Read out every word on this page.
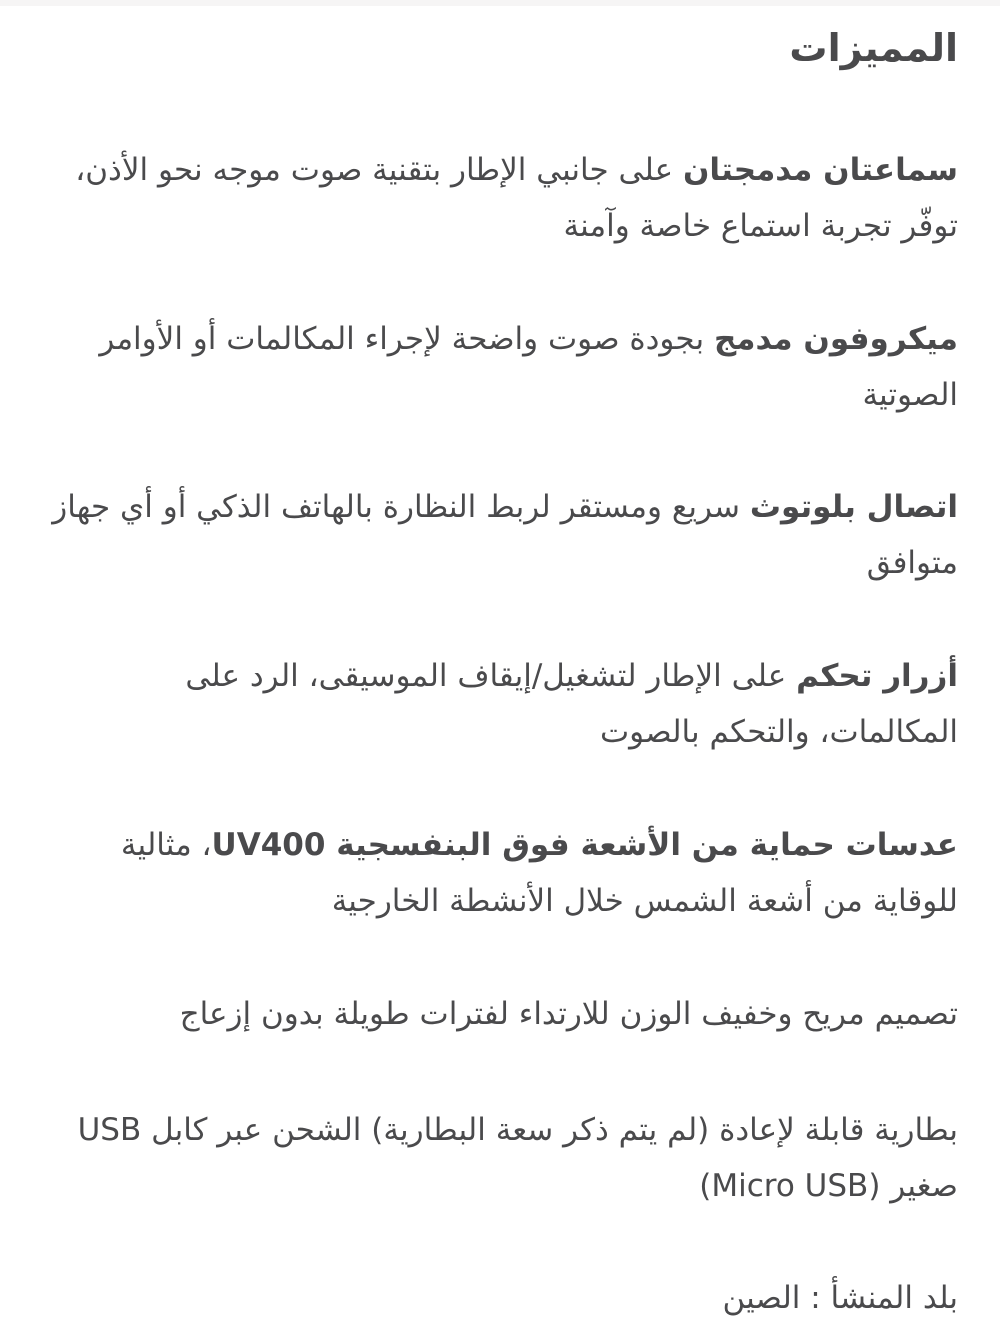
المميزات
سماعتان مدمجتان على جانبي الإطار بتقنية صوت موجه نحو الأذن، توفّر تجربة استماع خاصة وآمنة
ميكروفون مدمج بجودة صوت واضحة لإجراء المكالمات أو الأوامر الصوتية
اتصال بلوتوث سريع ومستقر لربط النظارة بالهاتف الذكي أو أي جهاز متوافق
أزرار تحكم على الإطار لتشغيل/إيقاف الموسيقى، الرد على المكالمات، والتحكم بالصوت
عدسات حماية من الأشعة فوق البنفسجية UV400، مثالية للوقاية من أشعة الشمس خلال الأنشطة الخارجية
تصميم مريح وخفيف الوزن للارتداء لفترات طويلة بدون إزعاج
بطارية قابلة لإعادة (لم يتم ذكر سعة البطارية) الشحن عبر كابل USB صغير (Micro USB)
بلد المنشأ : الصين
